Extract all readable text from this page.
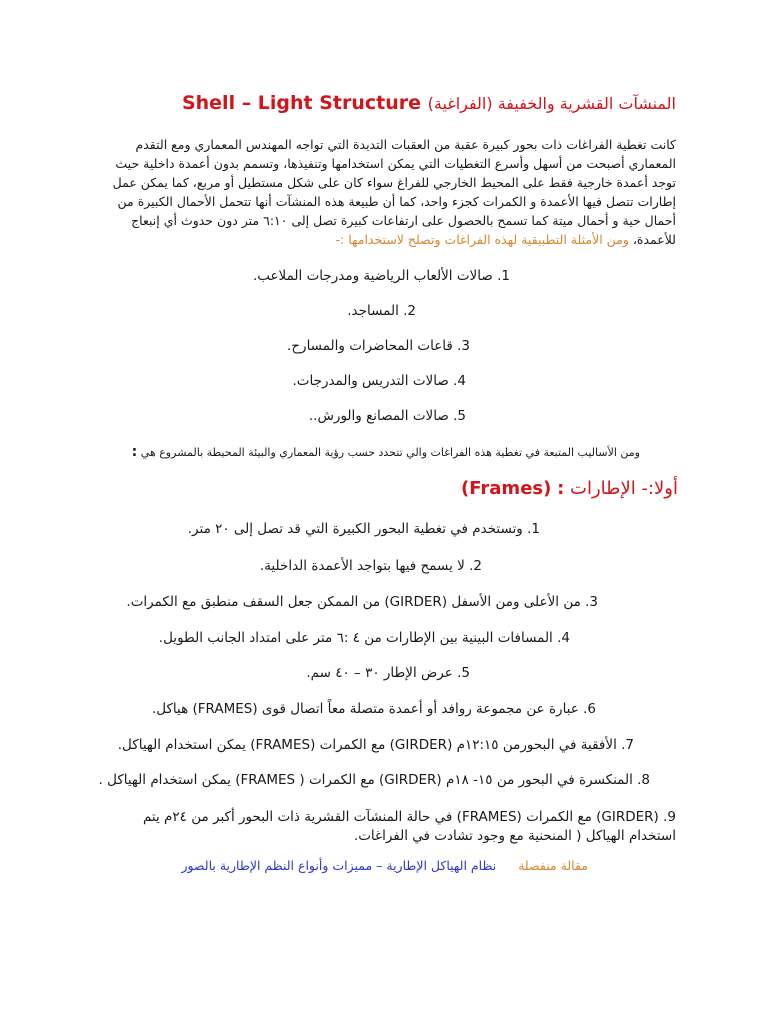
المنشآت القشرية والخفيفة (الفراغية) Shell – Light Structure
كانت تغطية الفراغات ذات بحور كبيرة عقبة من العقبات التديدة التي تواجه المهندس المعماري ومع التقدم المعماري أصبحت من أسهل وأسرع التغطيات التي يمكن استخدامها وتنفيذها، وتسمم بدون أعمدة داخلية حيث توجد أعمدة خارجية فقط على المحيط الخارجي للفراغ سواء كان على شكل مستطيل أو مربع، كما يمكن عمل إطارات تتصل فيها الأعمدة و الكمرات كجزء واحد، كما أن طبيعة هذه المنشآت أنها تتحمل الأحمال الكبيرة من أحمال حية و أحمال ميتة كما تسمح بالحصول على ارتفاعات كبيرة تصل إلى ٦:١٠ متر دون حدوث أي إنبعاج للأعمدة، ومن الأمثلة التطبيقية لهذه الفراغات وتصلح لاستخدامها :-
1. صالات الألعاب الرياضية ومدرجات الملاعب.
2. المساجد.
3. قاعات المحاضرات والمسارح.
4. صالات التدريس والمدرجات.
5. صالات المصانع والورش..
ومن الأساليب المتبعة في تغطية هذه الفراغات والي تتحدد حسب رؤية المعماري والبيئة المحيطة بالمشروع هي :
أولا:- الإطارات : (Frames)
1. وتستخدم في تغطية البحور الكبيرة التي قد تصل إلى ٢٠ متر.
2. لا يسمح فيها بتواجد الأعمدة الداخلية.
3. من الأعلى ومن الأسفل (GIRDER) من الممكن جعل السقف منطبق مع الكمرات.
4. المسافات البينية بين الإطارات من ٤ :٦ متر على امتداد الجانب الطويل.
5. عرض الإطار ٣٠ – ٤٠ سم.
6. عبارة عن مجموعة روافد أو أعمدة متصلة معاً اتصال قوى (FRAMES) هياكل.
7. الأفقية في البحورمن ١٢:١٥م (GIRDER) مع الكمرات (FRAMES) يمكن استخدام الهياكل.
8. المنكسرة في البحور من ١٥- ١٨م (GIRDER) مع الكمرات ( FRAMES) يمكن استخدام الهياكل .
9. (GIRDER) مع الكمرات (FRAMES) في حالة المنشآت القشرية ذات البحور أكبر من ٢٤م يتم استخدام الهياكل ( المنحنية مع وجود تشادت في الفراغات.
مقالة منفصلة نظام الهياكل الإطارية – مميزات وأنواع النظم الإطارية بالصور
